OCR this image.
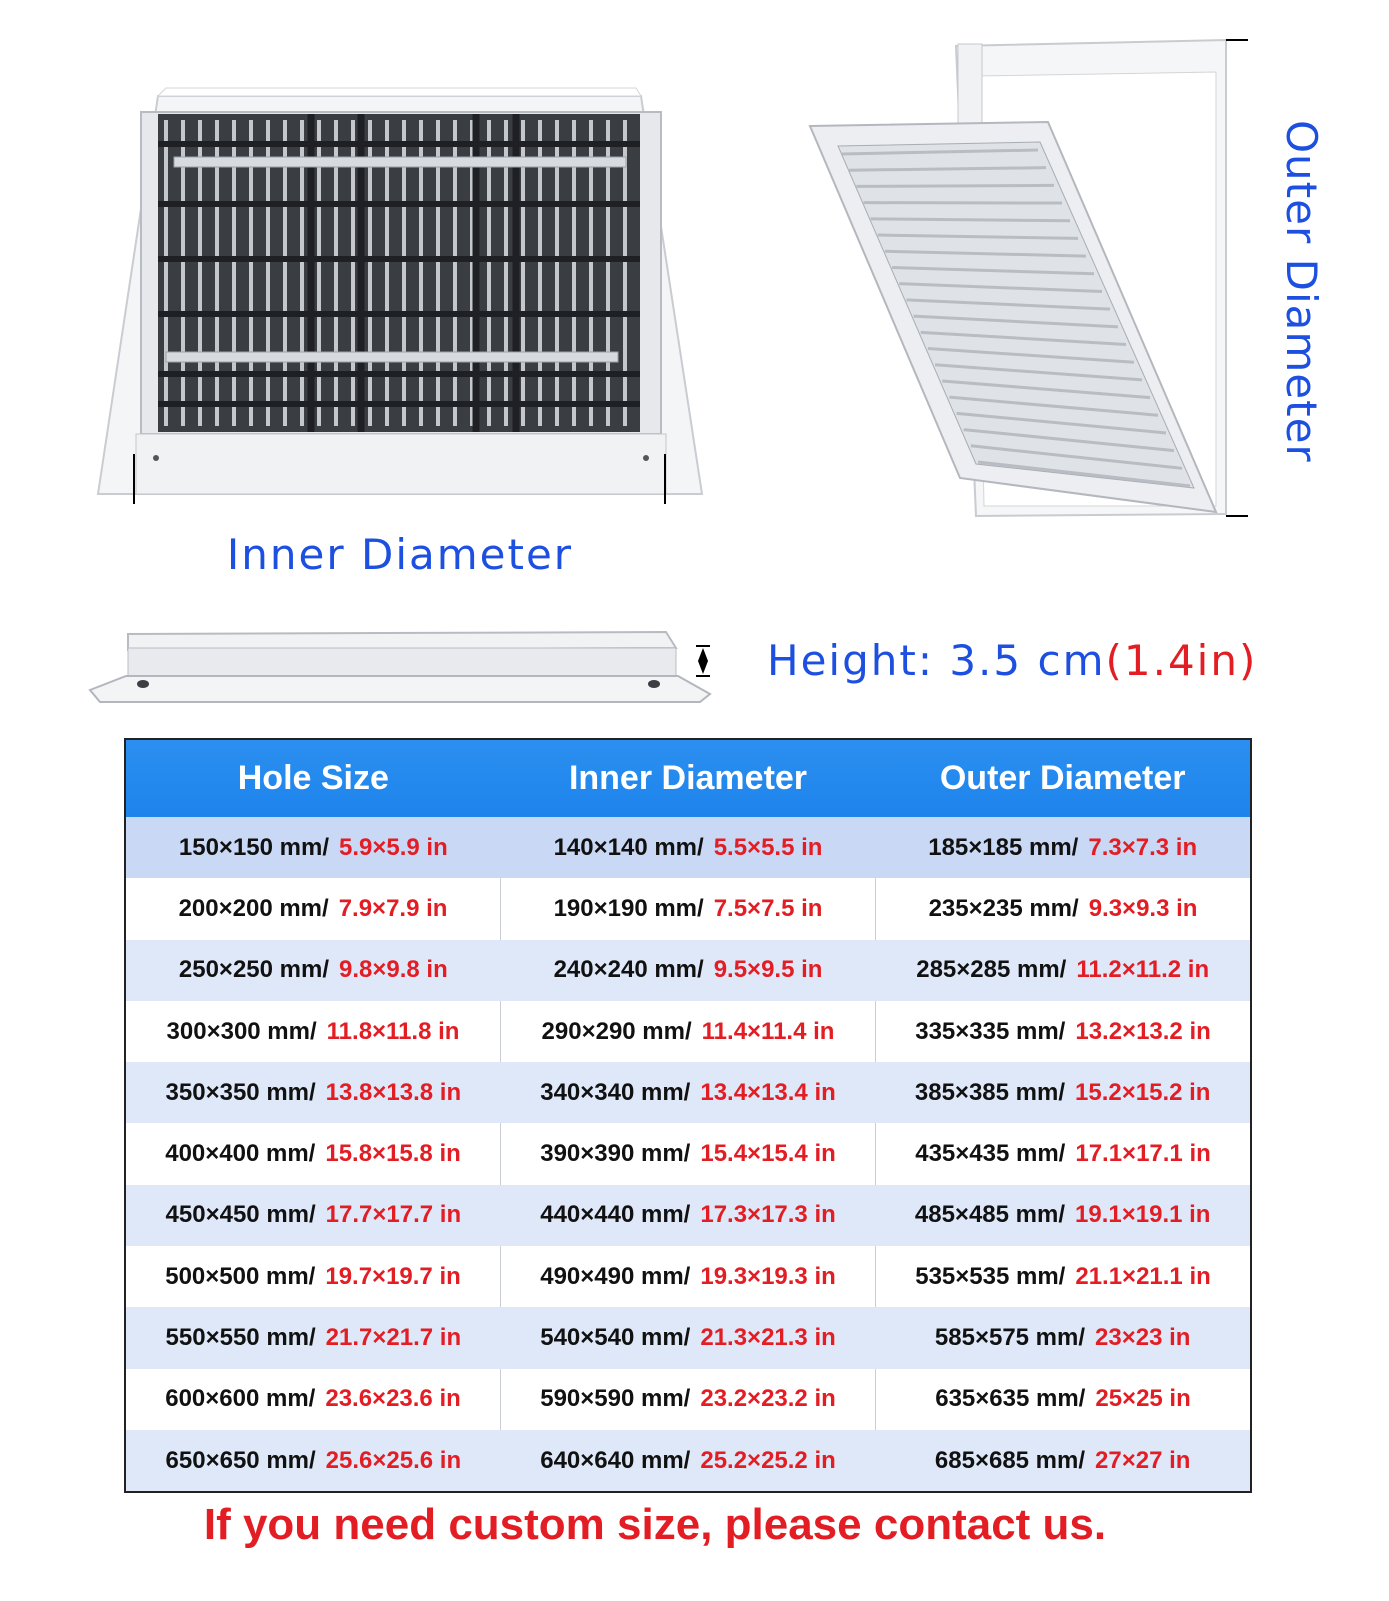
Inner Diameter
Outer Diameter
Height: 3.5 cm(1.4in)
Hole Size	Inner Diameter	Outer Diameter
150×150 mm/ 5.9×5.9 in	140×140 mm/ 5.5×5.5 in	185×185 mm/ 7.3×7.3 in
200×200 mm/ 7.9×7.9 in	190×190 mm/ 7.5×7.5 in	235×235 mm/ 9.3×9.3 in
250×250 mm/ 9.8×9.8 in	240×240 mm/ 9.5×9.5 in	285×285 mm/ 11.2×11.2 in
300×300 mm/ 11.8×11.8 in	290×290 mm/ 11.4×11.4 in	335×335 mm/ 13.2×13.2 in
350×350 mm/ 13.8×13.8 in	340×340 mm/ 13.4×13.4 in	385×385 mm/ 15.2×15.2 in
400×400 mm/ 15.8×15.8 in	390×390 mm/ 15.4×15.4 in	435×435 mm/ 17.1×17.1 in
450×450 mm/ 17.7×17.7 in	440×440 mm/ 17.3×17.3 in	485×485 mm/ 19.1×19.1 in
500×500 mm/ 19.7×19.7 in	490×490 mm/ 19.3×19.3 in	535×535 mm/ 21.1×21.1 in
550×550 mm/ 21.7×21.7 in	540×540 mm/ 21.3×21.3 in	585×575 mm/ 23×23 in
600×600 mm/ 23.6×23.6 in	590×590 mm/ 23.2×23.2 in	635×635 mm/ 25×25 in
650×650 mm/ 25.6×25.6 in	640×640 mm/ 25.2×25.2 in	685×685 mm/ 27×27 in
If you need custom size, please contact us.
